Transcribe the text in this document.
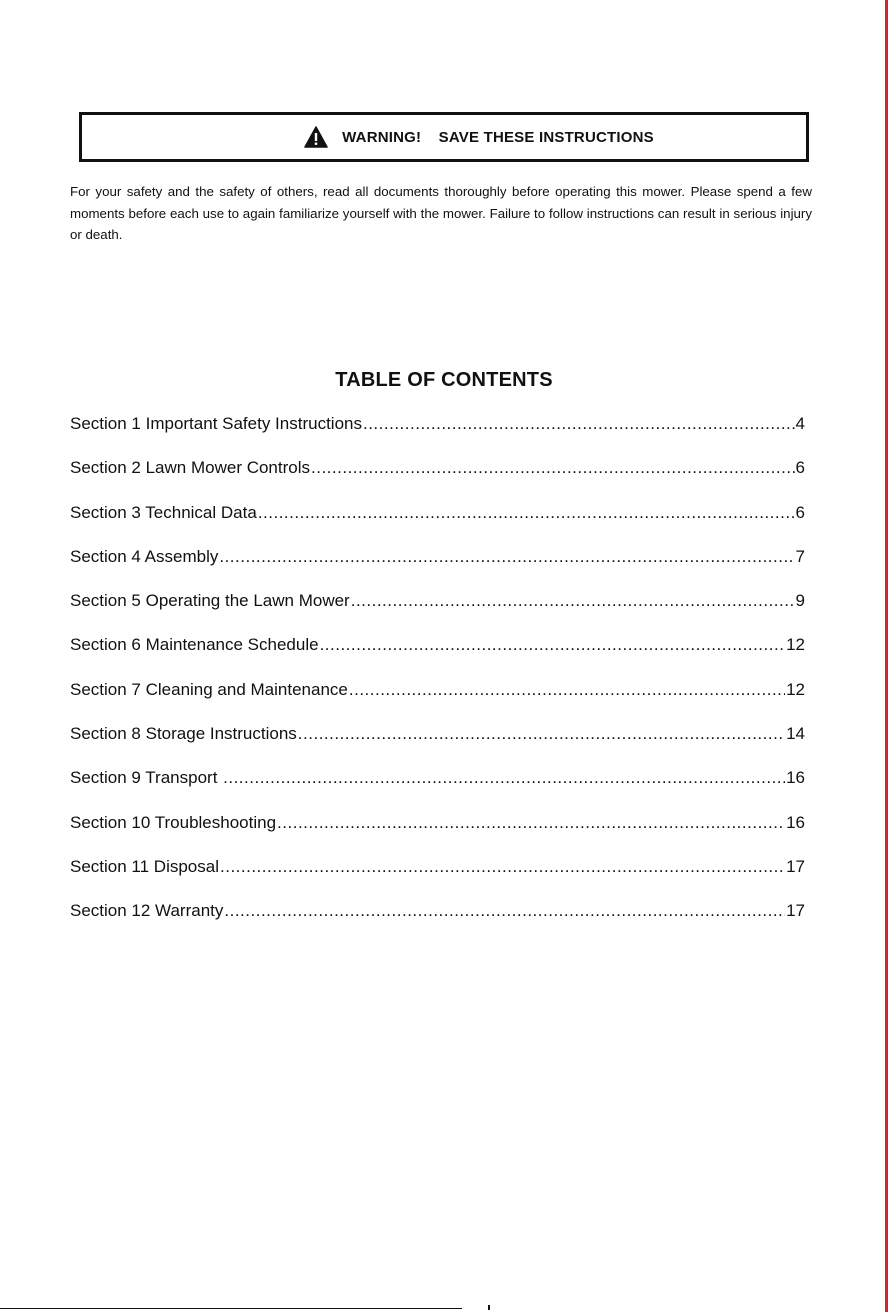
WARNING!    SAVE THESE INSTRUCTIONS

For your safety and the safety of others, read all documents thoroughly before operating this mower. Please spend a few moments before each use to again familiarize yourself with the mower. Failure to follow instructions can result in serious injury or death.

TABLE OF CONTENTS
Section 1 Important Safety Instructions .....	4
Section 2 Lawn Mower Controls .....	6
Section 3 Technical Data .....	6
Section 4 Assembly .....	7
Section 5 Operating the Lawn Mower .....	9
Section 6 Maintenance Schedule .....	12
Section 7 Cleaning and Maintenance .....	12
Section 8 Storage Instructions .....	14
Section 9 Transport .....	16
Section 10 Troubleshooting .....	16
Section 11 Disposal .....	17
Section 12 Warranty .....	17
